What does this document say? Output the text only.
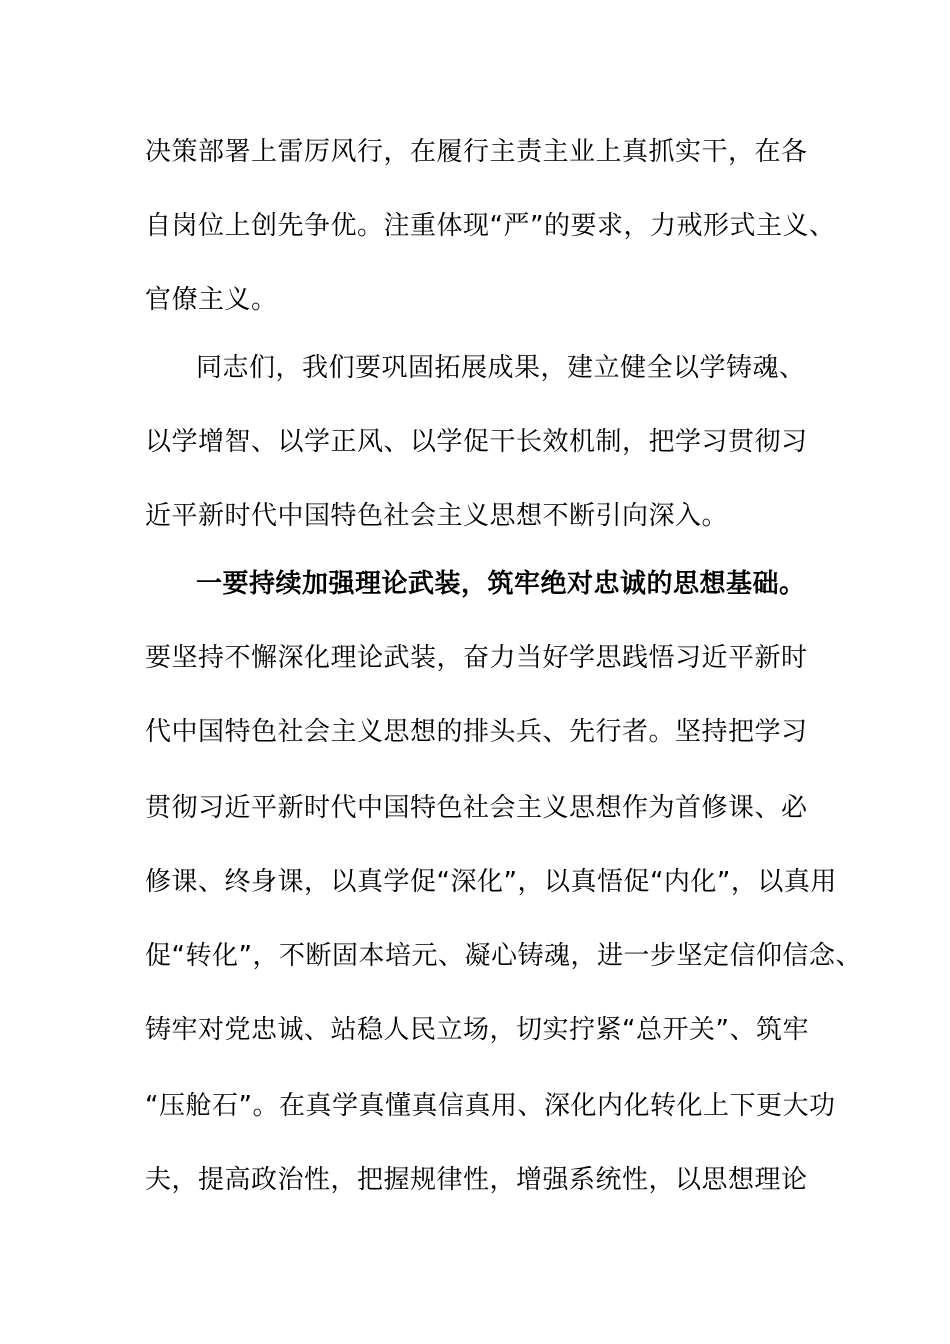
决策部署上雷厉风行，在履行主责主业上真抓实干，在各
自岗位上创先争优。注重体现“严”的要求，力戒形式主义、
官僚主义。
同志们，我们要巩固拓展成果，建立健全以学铸魂、
以学增智、以学正风、以学促干长效机制，把学习贯彻习
近平新时代中国特色社会主义思想不断引向深入。
一要持续加强理论武装，筑牢绝对忠诚的思想基础。
要坚持不懈深化理论武装，奋力当好学思践悟习近平新时
代中国特色社会主义思想的排头兵、先行者。坚持把学习
贯彻习近平新时代中国特色社会主义思想作为首修课、必
修课、终身课，以真学促“深化”，以真悟促“内化”，以真用
促“转化”，不断固本培元、凝心铸魂，进一步坚定信仰信念、
铸牢对党忠诚、站稳人民立场，切实拧紧“总开关”、筑牢
“压舱石”。在真学真懂真信真用、深化内化转化上下更大功
夫，提高政治性，把握规律性，增强系统性，以思想理论
